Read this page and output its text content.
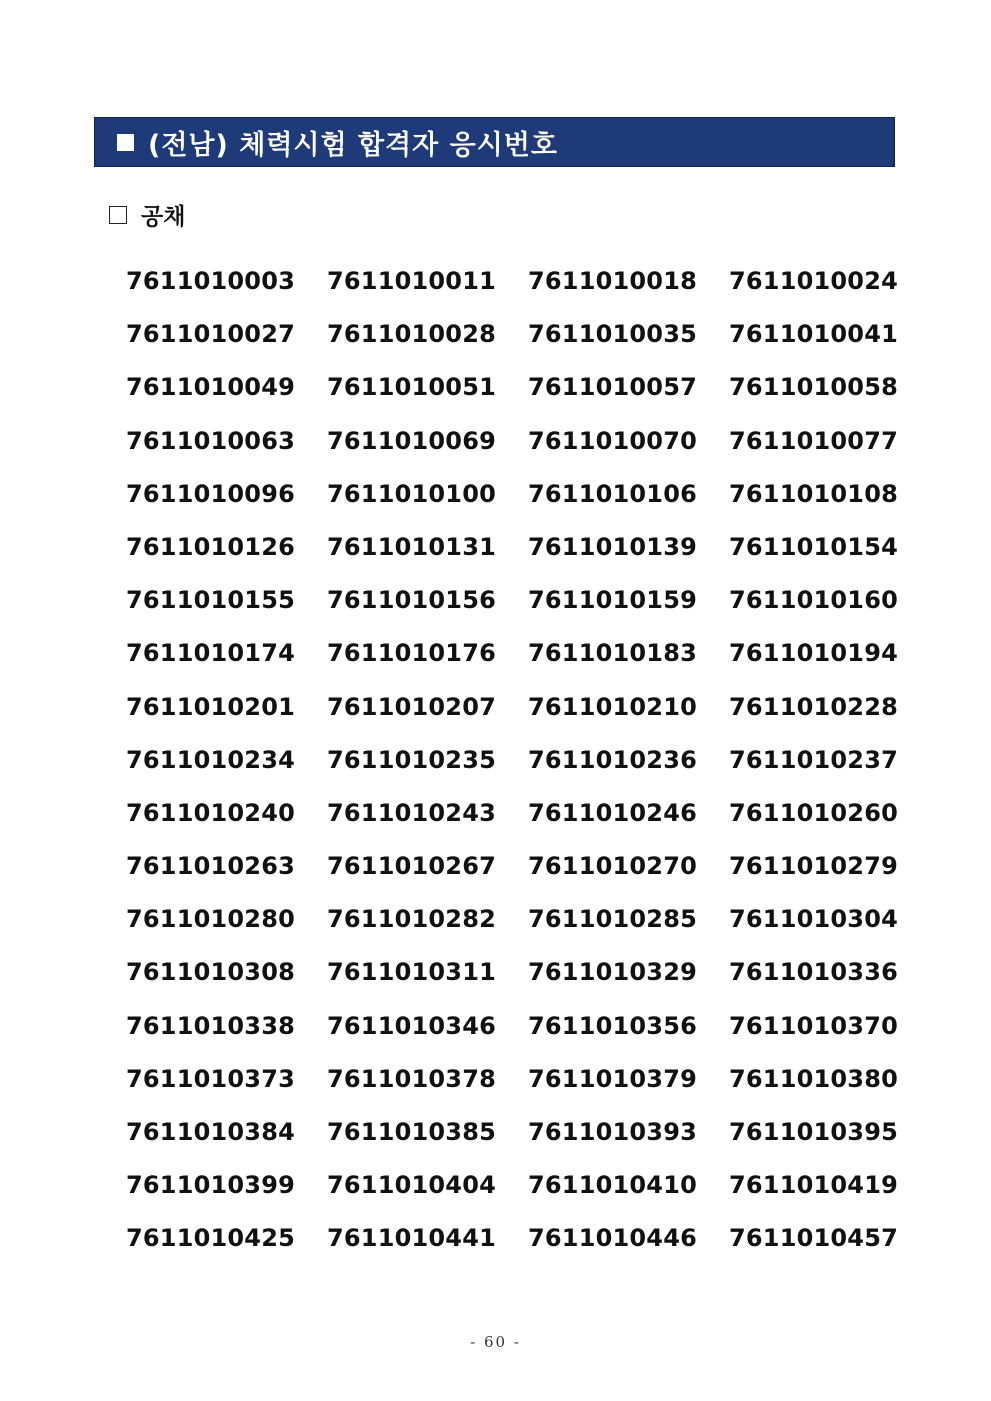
(전남) 체력시험 합격자 응시번호
공채
7611010003	7611010011	7611010018	7611010024
7611010027	7611010028	7611010035	7611010041
7611010049	7611010051	7611010057	7611010058
7611010063	7611010069	7611010070	7611010077
7611010096	7611010100	7611010106	7611010108
7611010126	7611010131	7611010139	7611010154
7611010155	7611010156	7611010159	7611010160
7611010174	7611010176	7611010183	7611010194
7611010201	7611010207	7611010210	7611010228
7611010234	7611010235	7611010236	7611010237
7611010240	7611010243	7611010246	7611010260
7611010263	7611010267	7611010270	7611010279
7611010280	7611010282	7611010285	7611010304
7611010308	7611010311	7611010329	7611010336
7611010338	7611010346	7611010356	7611010370
7611010373	7611010378	7611010379	7611010380
7611010384	7611010385	7611010393	7611010395
7611010399	7611010404	7611010410	7611010419
7611010425	7611010441	7611010446	7611010457
- 60 -
